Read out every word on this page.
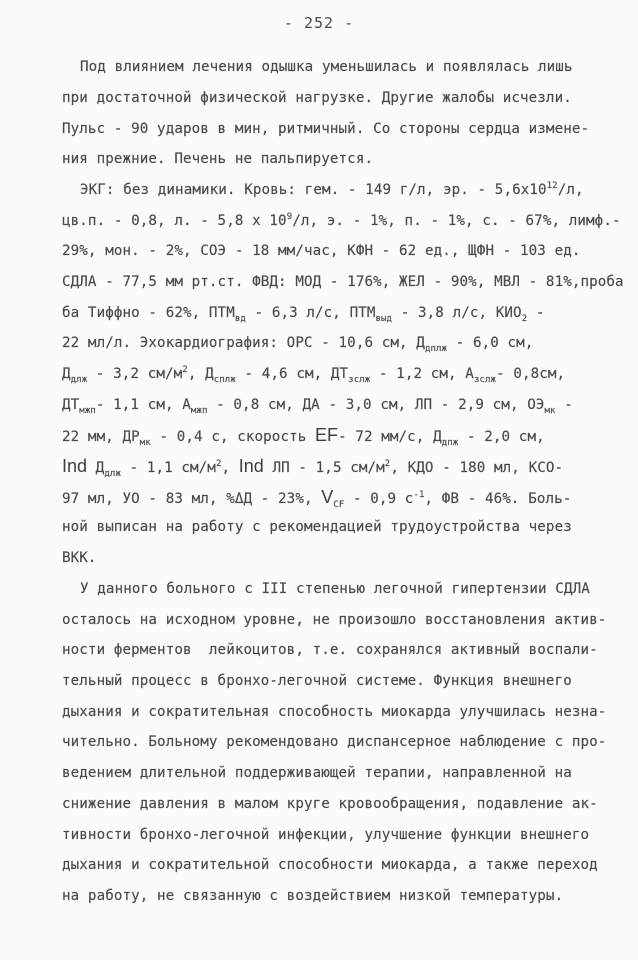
- 252 -
Под влиянием лечения одышка уменьшилась и появлялась лишь
при достаточной физической нагрузке. Другие жалобы исчезли.
Пульс - 90 ударов в мин, ритмичный. Со стороны сердца измене-
ния прежние. Печень не пальпируется.
ЭКГ: без динамики. Кровь: гем. - 149 г/л, эр. - $5,6х10^{12}/л$,
цв.п. - 0,8, л. - 5,8 х $10^9/л$, э. - 1%, п. - 1%, с. - 67%, лимф.-
29%, мон. - 2%, СОЭ - 18 мм/час, КФН - 62 ед., ЩФН - 103 ед.
СДЛА - 77,5 мм рт.ст. ФВД: МОД - 176%, ЖЕЛ - 90%, МВЛ - 81%,проба
ба Тиффно - 62%, $ПТМ_{вд} - 6,3$ л/с, $ПТМ_{выд} - 3,8$ л/с, $КИО_2$ -
22 мл/л. Эхокардиография: ОРС - 10,6 см, $Д_{дплж} - 6,0$ см,
$Д_{длж} - 3,2$ $см/м^2$, $Д_{сплж} - 4,6$ см, $ДТ_{зслж} - 1,2$ см, $А_{зслж}-$ 0,8см,
$ДТ_{мжп}-$ 1,1 см, $А_{мжп} - 0,8$ см, ДА - 3,0 см, ЛП - 2,9 см, $ОЭ_{мк}$ -
22 мм, $ДР_{мк} - 0,4$ с, скорость EF- 72 мм/с, $Д_{дпж} - 2,0$ см,
Ind $Д_{длж} - 1,1$ $см/м^2$, Ind ЛП - 1,5 $см/м^2$, КДО - 180 мл, КСО-
97 мл, УО - 83 мл, %ΔД - 23%, $V_{CF} - 0,9$ $с^{-1}$, ФВ - 46%. Боль-
ной выписан на работу с рекомендацией трудоустройства через
ВКК.
У данного больного с III степенью легочной гипертензии СДЛА
осталось на исходном уровне, не произошло восстановления актив-
ности ферментов  лейкоцитов, т.е. сохранялся активный воспали-
тельный процесс в бронхо-легочной системе. Функция внешнего
дыхания и сократительная способность миокарда улучшилась незна-
чительно. Больному рекомендовано диспансерное наблюдение с про-
ведением длительной поддерживающей терапии, направленной на
снижение давления в малом круге кровообращения, подавление ак-
тивности бронхо-легочной инфекции, улучшение функции внешнего
дыхания и сократительной способности миокарда, а также переход
на работу, не связанную с воздействием низкой температуры.
